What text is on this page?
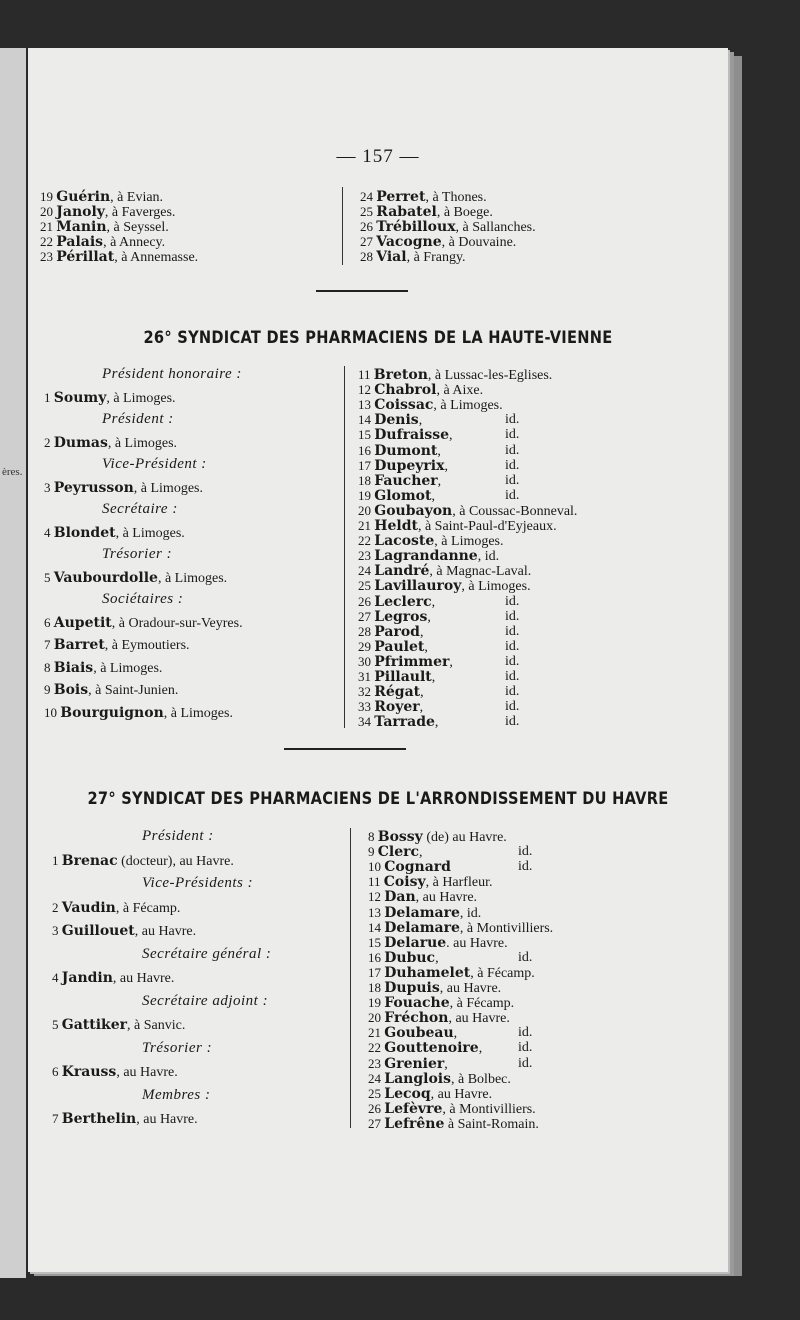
ères.
— 157 —
26° SYNDICAT DES PHARMACIENS DE LA HAUTE-VIENNE
27° SYNDICAT DES PHARMACIENS DE L'ARRONDISSEMENT DU HAVRE
19 Guérin, à Evian.
20 Janoly, à Faverges.
21 Manin, à Seyssel.
22 Palais, à Annecy.
23 Périllat, à Annemasse.
24 Perret, à Thones.
25 Rabatel, à Boege.
26 Trébilloux, à Sallanches.
27 Vacogne, à Douvaine.
28 Vial, à Frangy.
Président honoraire :
1 Soumy, à Limoges.
Président :
2 Dumas, à Limoges.
Vice-Président :
3 Peyrusson, à Limoges.
Secrétaire :
4 Blondet, à Limoges.
Trésorier :
5 Vaubourdolle, à Limoges.
Sociétaires :
6 Aupetit, à Oradour-sur-Veyres.
7 Barret, à Eymoutiers.
8 Biais, à Limoges.
9 Bois, à Saint-Junien.
10 Bourguignon, à Limoges.
11 Breton, à Lussac-les-Eglises.
12 Chabrol, à Aixe.
13 Coissac, à Limoges.
14 Denis,	id.
15 Dufraisse,	id.
16 Dumont,	id.
17 Dupeyrix,	id.
18 Faucher,	id.
19 Glomot,	id.
20 Goubayon, à Coussac-Bonneval.
21 Heldt, à Saint-Paul-d'Eyjeaux.
22 Lacoste, à Limoges.
23 Lagrandanne, id.
24 Landré, à Magnac-Laval.
25 Lavillauroy, à Limoges.
26 Leclerc,	id.
27 Legros,	id.
28 Parod,	id.
29 Paulet,	id.
30 Pfrimmer,	id.
31 Pillault,	id.
32 Régat,	id.
33 Royer,	id.
34 Tarrade,	id.
Président :
1 Brenac (docteur), au Havre.
Vice-Présidents :
2 Vaudin, à Fécamp.
3 Guillouet, au Havre.
Secrétaire général :
4 Jandin, au Havre.
Secrétaire adjoint :
5 Gattiker, à Sanvic.
Trésorier :
6 Krauss, au Havre.
Membres :
7 Berthelin, au Havre.
8 Bossy (de) au Havre.
9 Clerc,	id.
10 Cognard	id.
11 Coisy, à Harfleur.
12 Dan, au Havre.
13 Delamare, id.
14 Delamare, à Montivilliers.
15 Delarue. au Havre.
16 Dubuc,	id.
17 Duhamelet, à Fécamp.
18 Dupuis, au Havre.
19 Fouache, à Fécamp.
20 Fréchon, au Havre.
21 Goubeau,	id.
22 Gouttenoire,	id.
23 Grenier,	id.
24 Langlois, à Bolbec.
25 Lecoq, au Havre.
26 Lefèvre, à Montivilliers.
27 Lefrêne à Saint-Romain.
